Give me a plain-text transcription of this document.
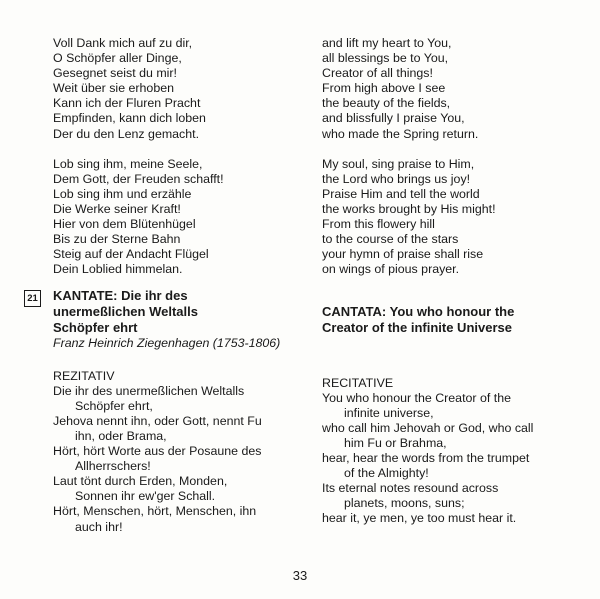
Voll Dank mich auf zu dir,
O Schöpfer aller Dinge,
Gesegnet seist du mir!
Weit über sie erhoben
Kann ich der Fluren Pracht
Empfinden, kann dich loben
Der du den Lenz gemacht.
Lob sing ihm, meine Seele,
Dem Gott, der Freuden schafft!
Lob sing ihm und erzähle
Die Werke seiner Kraft!
Hier von dem Blütenhügel
Bis zu der Sterne Bahn
Steig auf der Andacht Flügel
Dein Loblied himmelan.
KANTATE: Die ihr des
unermeßlichen Weltalls
Schöpfer ehrt
Franz Heinrich Ziegenhagen (1753-1806)
REZITATIV
Die ihr des unermeßlichen Weltalls
Schöpfer ehrt,
Jehova nennt ihn, oder Gott, nennt Fu
ihn, oder Brama,
Hört, hört Worte aus der Posaune des
Allherrschers!
Laut tönt durch Erden, Monden,
Sonnen ihr ew'ger Schall.
Hört, Menschen, hört, Menschen, ihn
auch ihr!
21
and lift my heart to You,
all blessings be to You,
Creator of all things!
From high above I see
the beauty of the fields,
and blissfully I praise You,
who made the Spring return.
My soul, sing praise to Him,
the Lord who brings us joy!
Praise Him and tell the world
the works brought by His might!
From this flowery hill
to the course of the stars
your hymn of praise shall rise
on wings of pious prayer.
CANTATA: You who honour the
Creator of the infinite Universe
RECITATIVE
You who honour the Creator of the
infinite universe,
who call him Jehovah or God, who call
him Fu or Brahma,
hear, hear the words from the trumpet
of the Almighty!
Its eternal notes resound across
planets, moons, suns;
hear it, ye men, ye too must hear it.
33
